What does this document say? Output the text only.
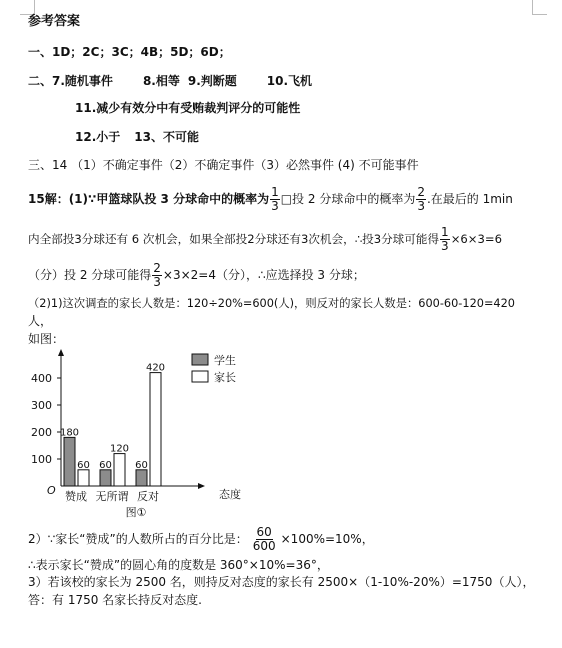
参考答案
一、1D；2C；3C；4B；5D；6D；
二、7.随机事件	8.相等 9.判断题	10.飞机
11.减少有效分中有受贿裁判评分的可能性
12.小于 13、不可能
三、14 （1）不确定事件（2）不确定事件（3）必然事件 (4) 不可能事件
15解：(1)∵甲篮球队投 3 分球命中的概率为 $\frac{1}{3}$ □投 2 分球命中的概率为 $\frac{2}{3}$ .在最后的 1min
内全部投3分球还有 6 次机会，如果全部投2分球还有3次机会，∴投3分球可能得 $\frac{1}{3} \times 6\times 3=6$
（分）投 2 分球可能得 $\frac{2}{3} \times 3\times 2=4$（分），∴应选择投 3 分球；
（2)1)这次调查的家长人数是：120÷20%=600(人)，则反对的家长人数是：600-60-120=420
人，
如图：
100
200
300
400
180
60 60
120
60
420
赞成 无所谓 反对
O	态度
图①
学生
家长
2）∵家长“赞成”的人数所占的百分比是： $\frac{60}{600} \times 100\%=10\%$，
∴表示家长“赞成”的圆心角的度数是 360°×10%=36°，
3）若该校的家长为 2500 名，则持反对态度的家长有 2500×（1-10%-20%）=1750（人），
答：有 1750 名家长持反对态度.
